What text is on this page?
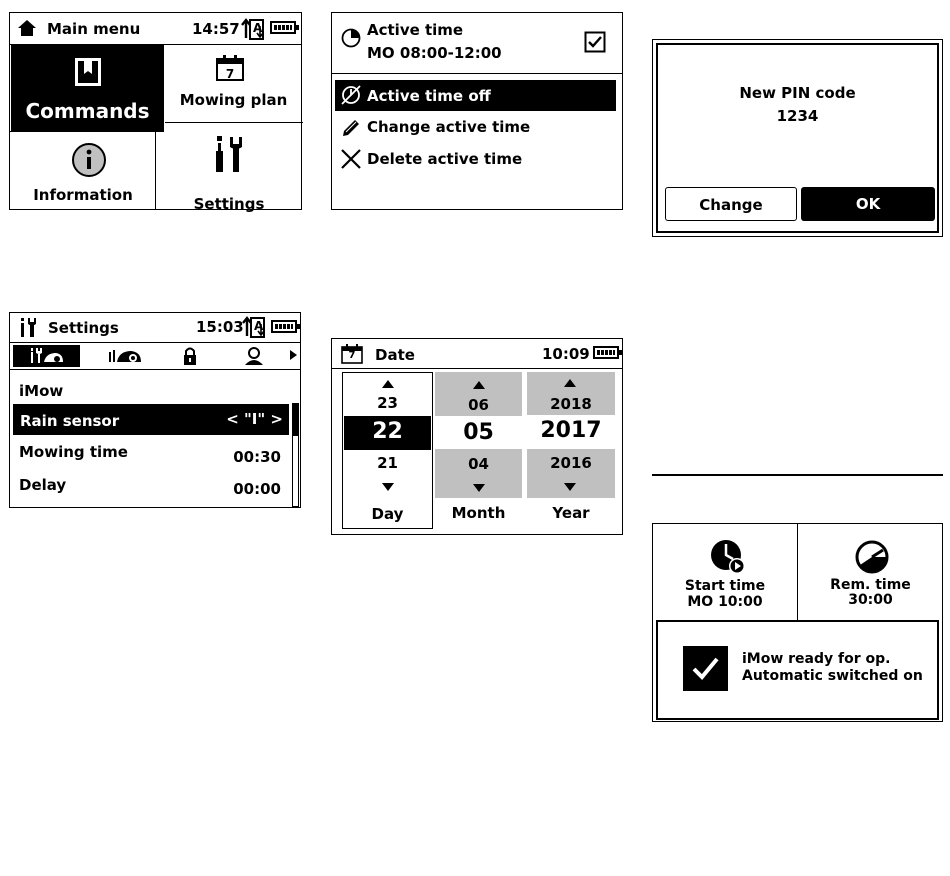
Main menu	14:57 A
Commands
7
Mowing plan
Information	Settings
Active time
MO 08:00-12:00
Active time off
Change active time
Delete active time
New PIN code
1234
Change	OK
Settings	15:03 A
iMow
Rain sensor	< "I" >
Mowing time	00:30
Delay	00:00
7 Date	10:09
23
22
21
Day
06
05
04
Month
2018
2017
2016
Year
Start time
MO 10:00
Rem. time
30:00
iMow ready for op.
Automatic switched on
